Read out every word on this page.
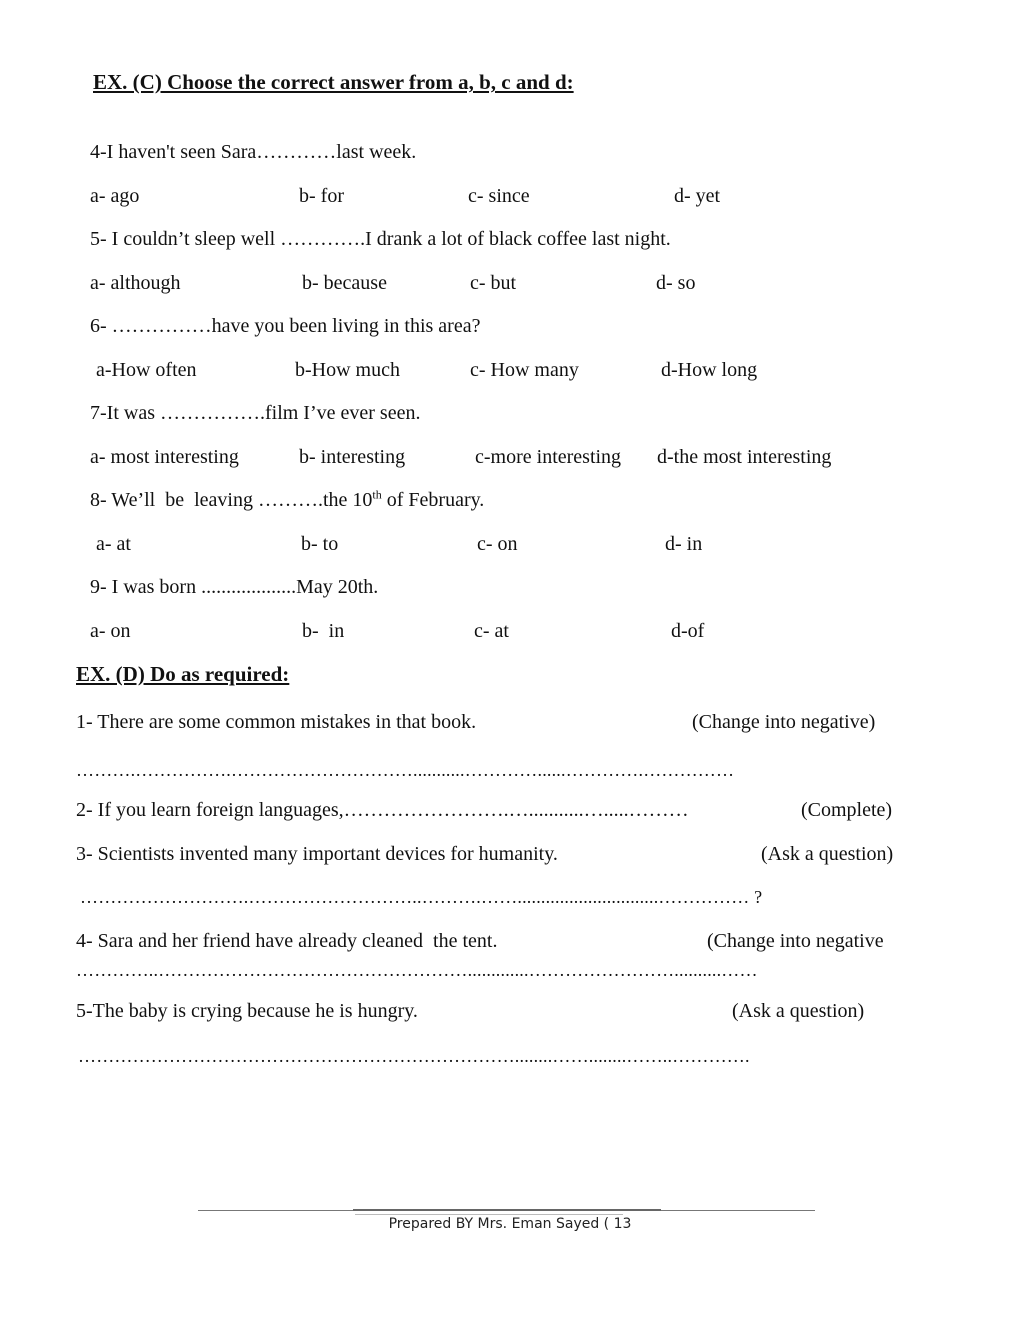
EX. (C) Choose the correct answer from a, b, c and d:
4-I haven't seen Sara…………last week.
a- ago	b- for	c- since	d- yet
5- I couldn’t sleep well ………….I drank a lot of black coffee last night.
a- although	b- because	c- but	d- so
6- ……………have you been living in this area?
a-How often	b-How much	c- How many	d-How long
7-It was …………….film I’ve ever seen.
a- most interesting	b- interesting	c-more interesting d-the most interesting
8- We’ll  be  leaving ……….the 10th of February.
a- at	b- to	c- on	d- in
9- I was born ...................May 20th.
a- on	b-  in	c- at	d-of
EX. (D) Do as required:
1- There are some common mistakes in that book.	(Change into negative)
……….…………….…………………………...........…………......………….……………
2- If you learn foreign languages,…………………….…...........….....………	(Complete)
3- Scientists invented many important devices for humanity.	(Ask a question)
……………………….………………………..……….……..............................…………… ?
4- Sara and her friend have already cleaned  the tent.	(Change into negative
…………..…………………………………………….............……………………..........……
5-The baby is crying because he is hungry.	(Ask a question)
………………………………………………………………........……........……..………….
Prepared BY Mrs. Eman Sayed ( 13
